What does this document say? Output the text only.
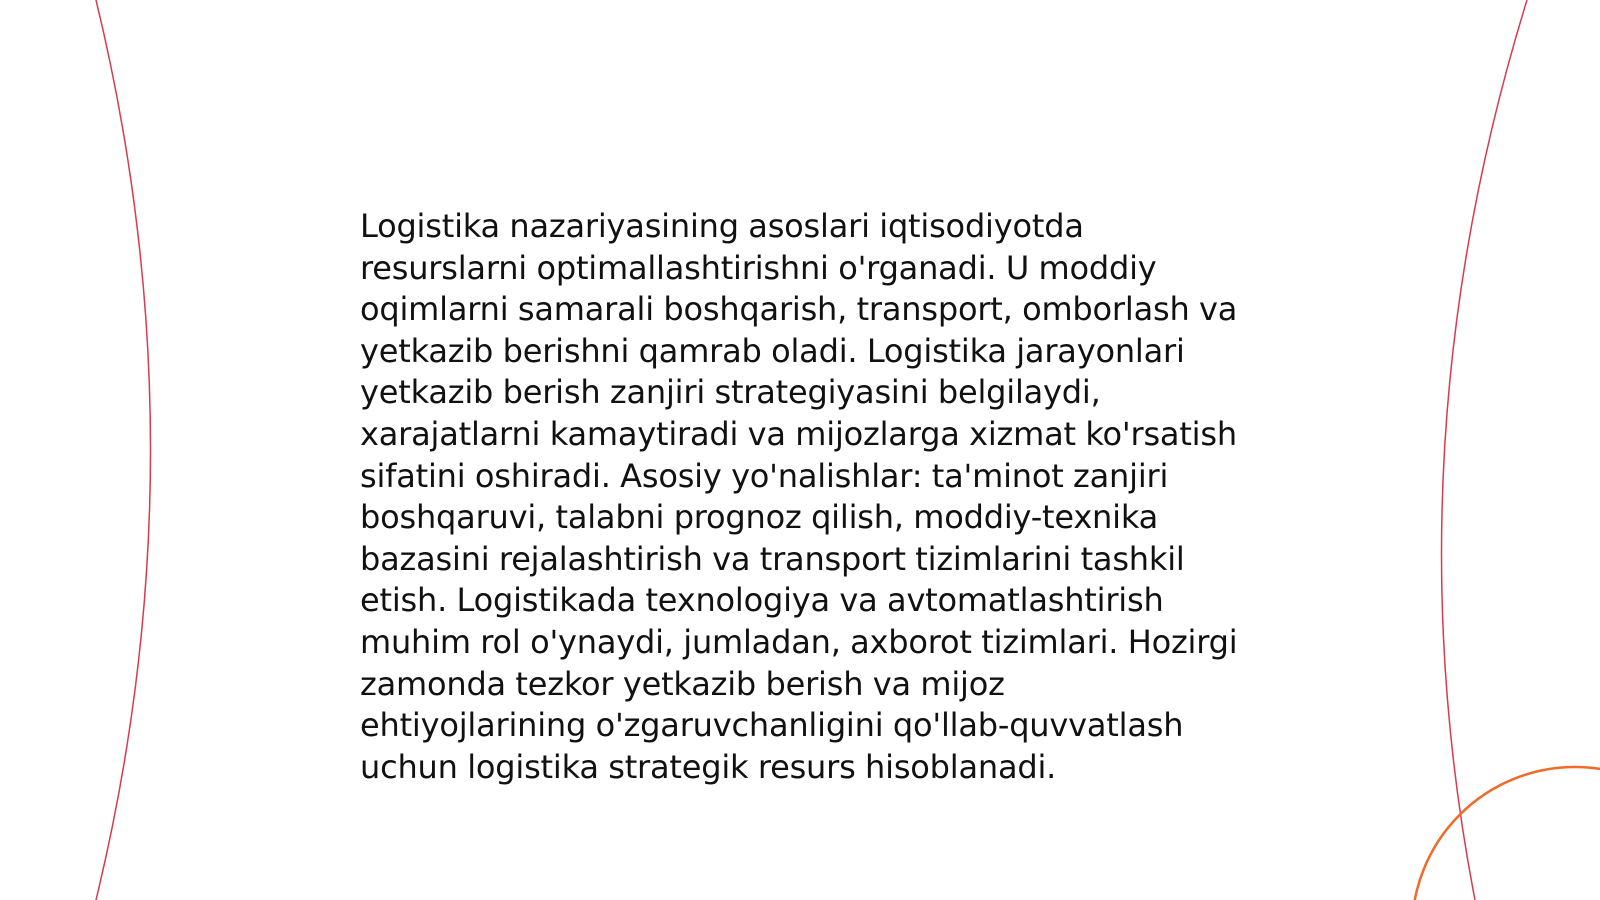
Logistika nazariyasining asoslari iqtisodiyotda resurslarni optimallashtirishni o'rganadi. U moddiy oqimlarni samarali boshqarish, transport, omborlash va yetkazib berishni qamrab oladi. Logistika jarayonlari yetkazib berish zanjiri strategiyasini belgilaydi, xarajatlarni kamaytiradi va mijozlarga xizmat ko'rsatish sifatini oshiradi. Asosiy yo'nalishlar: ta'minot zanjiri boshqaruvi, talabni prognoz qilish, moddiy-texnika bazasini rejalashtirish va transport tizimlarini tashkil etish. Logistikada texnologiya va avtomatlashtirish muhim rol o'ynaydi, jumladan, axborot tizimlari. Hozirgi zamonda tezkor yetkazib berish va mijoz ehtiyojlarining o'zgaruvchanligini qo'llab-quvvatlash uchun logistika strategik resurs hisoblanadi.
